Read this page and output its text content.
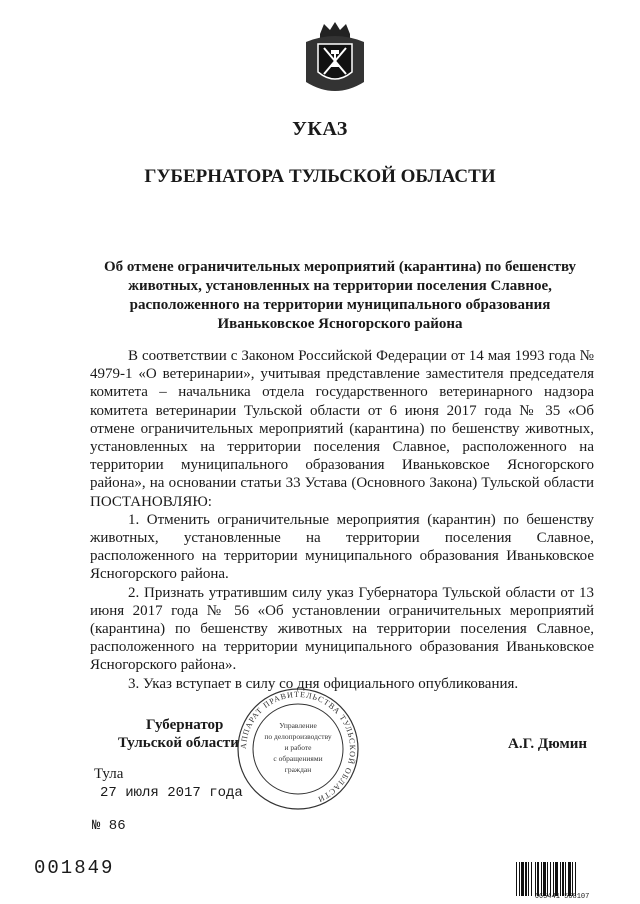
УКАЗ
ГУБЕРНАТОРА ТУЛЬСКОЙ ОБЛАСТИ
Об отмене ограничительных мероприятий (карантина) по бешенству
животных, установленных на территории поселения Славное,
расположенного на территории муниципального образования
Иваньковское Ясногорского района

В соответствии с Законом Российской Федерации от 14 мая 1993 года № 4979-1 «О ветеринарии», учитывая представление заместителя председателя комитета – начальника отдела государственного ветеринарного надзора комитета ветеринарии Тульской области от 6 июня 2017 года № 35 «Об отмене ограничительных мероприятий (карантина) по бешенству животных, установленных на территории поселения Славное, расположенного на территории муниципального образования Иваньковское Ясногорского района», на основании статьи 33 Устава (Основного Закона) Тульской области ПОСТАНОВЛЯЮ:

1. Отменить ограничительные мероприятия (карантин) по бешенству животных, установленные на территории поселения Славное, расположенного на территории муниципального образования Иваньковское Ясногорского района.

2. Признать утратившим силу указ Губернатора Тульской области от 13 июня 2017 года № 56 «Об установлении ограничительных мероприятий (карантина) по бешенству животных на территории поселения Славное, расположенного на территории муниципального образования Иваньковское Ясногорского района».

3. Указ вступает в силу со дня официального опубликования.

АППАРАТ ПРАВИТЕЛЬСТВА ТУЛЬСКОЙ ОБЛАСТИ
Управление
по делопроизводству
и работе
с обращениями
граждан
Губернатор
Тульской области	А.Г. Дюмин
Тула
27 июля 2017 года
№ 86
001849
665441 568107
